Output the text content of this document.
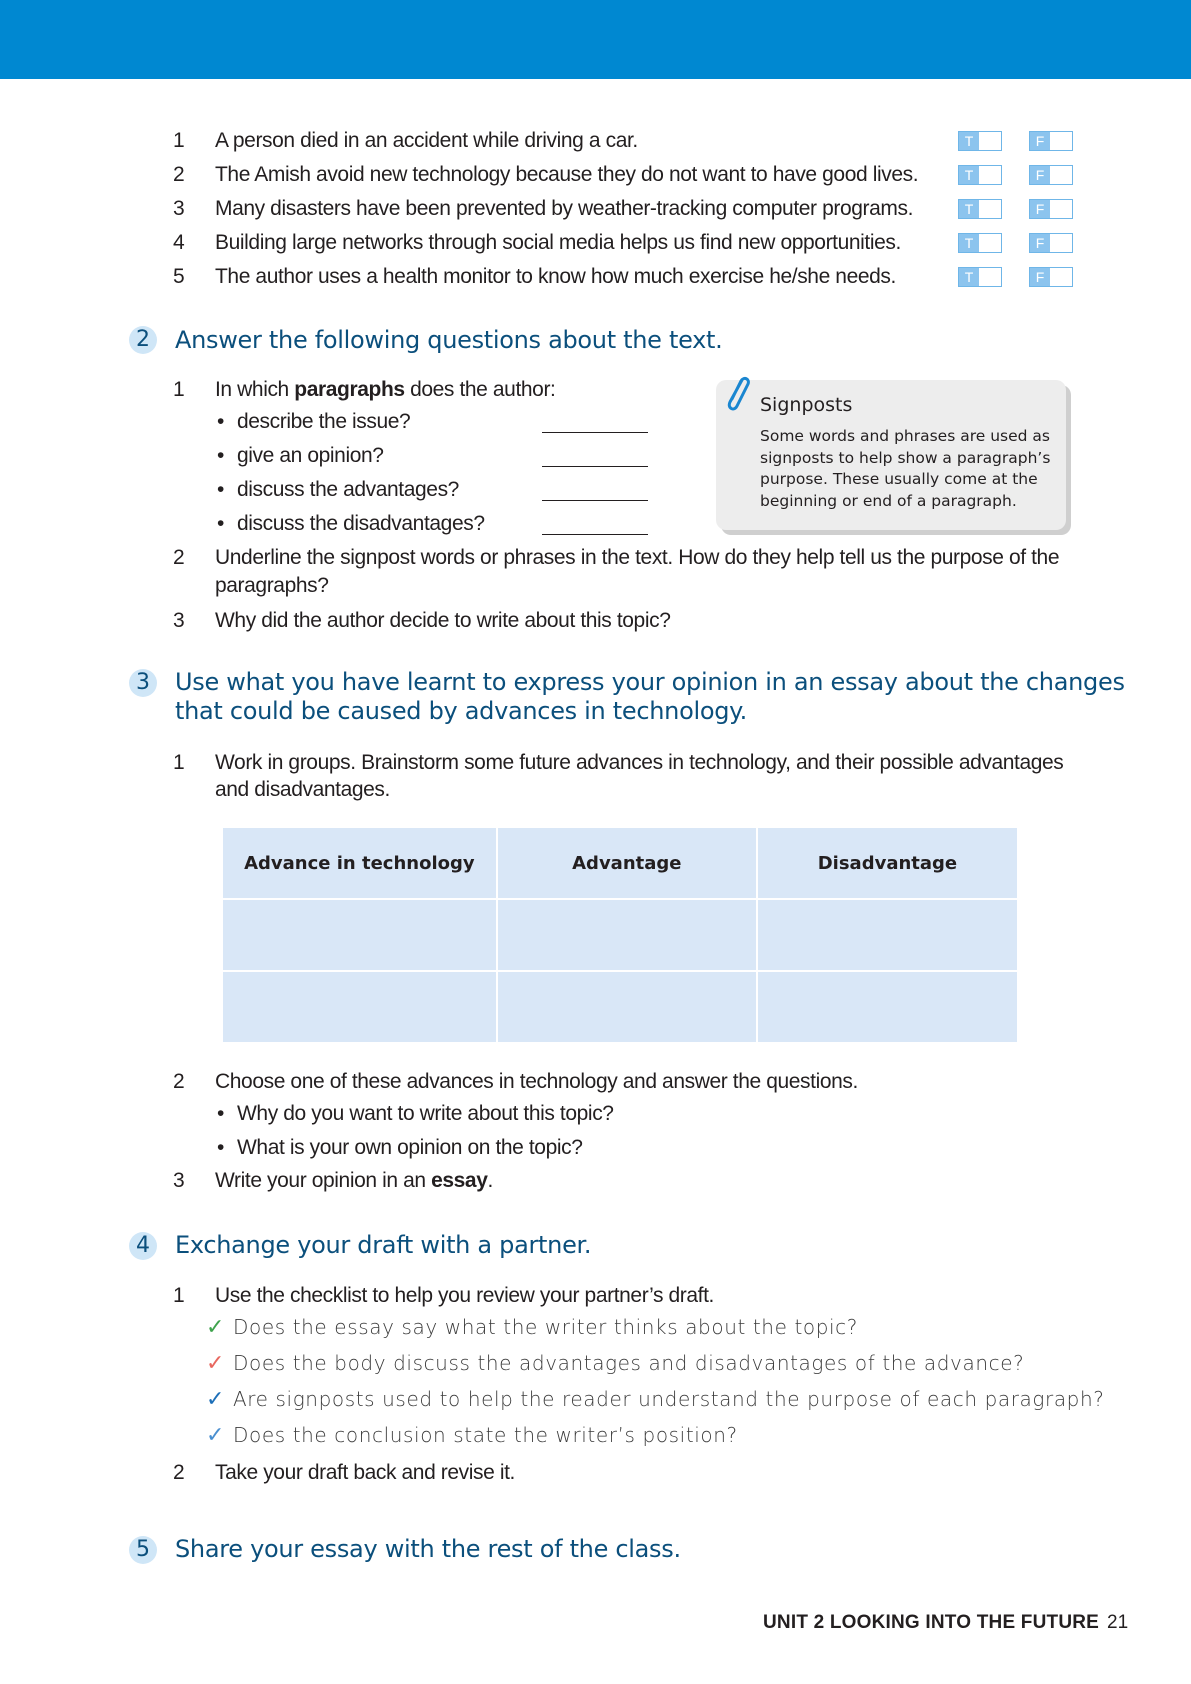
1	A person died in an accident while driving a car.	T	F
2	The Amish avoid new technology because they do not want to have good lives.	T	F
3	Many disasters have been prevented by weather-tracking computer programs.	T	F
4	Building large networks through social media helps us find new opportunities.	T	F
5	The author uses a health monitor to know how much exercise he/she needs.	T	F
2 Answer the following questions about the text.
1	In which paragraphs does the author:
• describe the issue?
• give an opinion?
• discuss the advantages?
• discuss the disadvantages?
Signposts
Some words and phrases are used as
signposts to help show a paragraph’s
purpose. These usually come at the
beginning or end of a paragraph.
2	Underline the signpost words or phrases in the text. How do they help tell us the purpose of the
paragraphs?
3	Why did the author decide to write about this topic?
3 Use what you have learnt to express your opinion in an essay about the changes
that could be caused by advances in technology.
1	Work in groups. Brainstorm some future advances in technology, and their possible advantages
and disadvantages.
Advance in technology	Advantage	Disadvantage

2	Choose one of these advances in technology and answer the questions.
• Why do you want to write about this topic?
• What is your own opinion on the topic?
3	Write your opinion in an essay.
4 Exchange your draft with a partner.
1	Use the checklist to help you review your partner’s draft.
✓ Does the essay say what the writer thinks about the topic?
✓ Does the body discuss the advantages and disadvantages of the advance?
✓ Are signposts used to help the reader understand the purpose of each paragraph?
✓ Does the conclusion state the writer’s position?
2	Take your draft back and revise it.
5 Share your essay with the rest of the class.
UNIT 2 LOOKING INTO THE FUTURE 21
